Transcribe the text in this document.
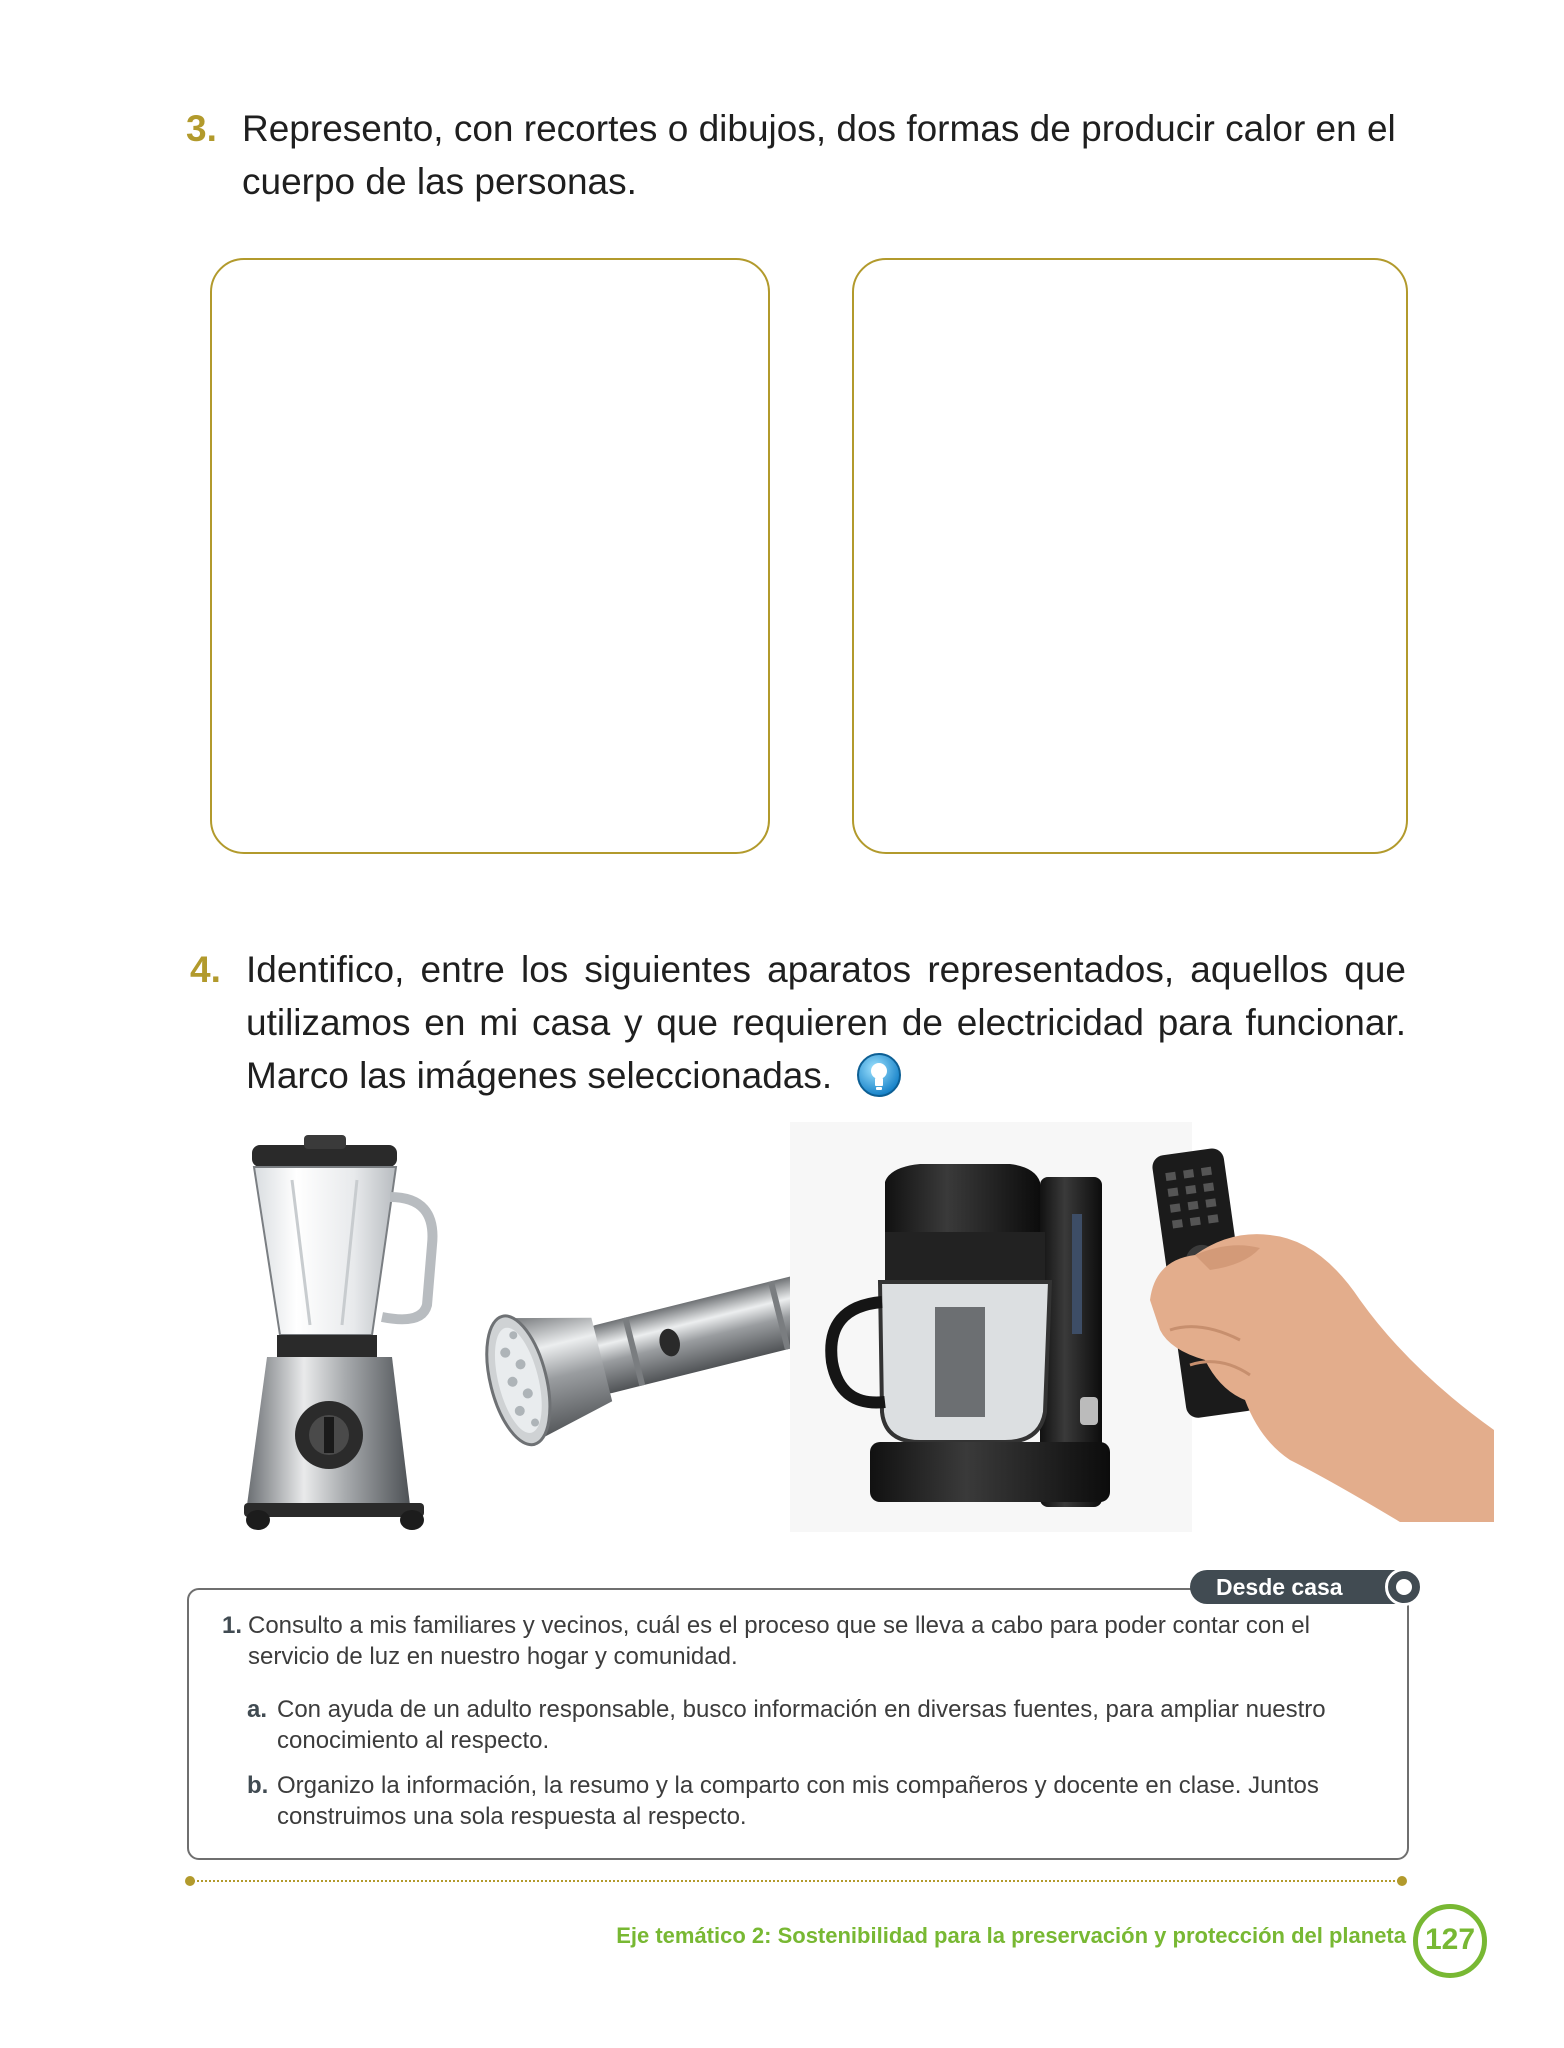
3. Represento, con recortes o dibujos, dos formas de producir calor en el cuerpo de las personas.
4. Identifico, entre los siguientes aparatos representados, aquellos que utilizamos en mi casa y que requieren de electricidad para funcionar. Marco las imágenes seleccionadas.
Desde casa
1. Consulto a mis familiares y vecinos, cuál es el proceso que se lleva a cabo para poder contar con el servicio de luz en nuestro hogar y comunidad.
a. Con ayuda de un adulto responsable, busco información en diversas fuentes, para ampliar nuestro conocimiento al respecto.
b. Organizo la información, la resumo y la comparto con mis compañeros y docente en clase. Juntos construimos una sola respuesta al respecto.
Eje temático 2: Sostenibilidad para la preservación y protección del planeta 127
